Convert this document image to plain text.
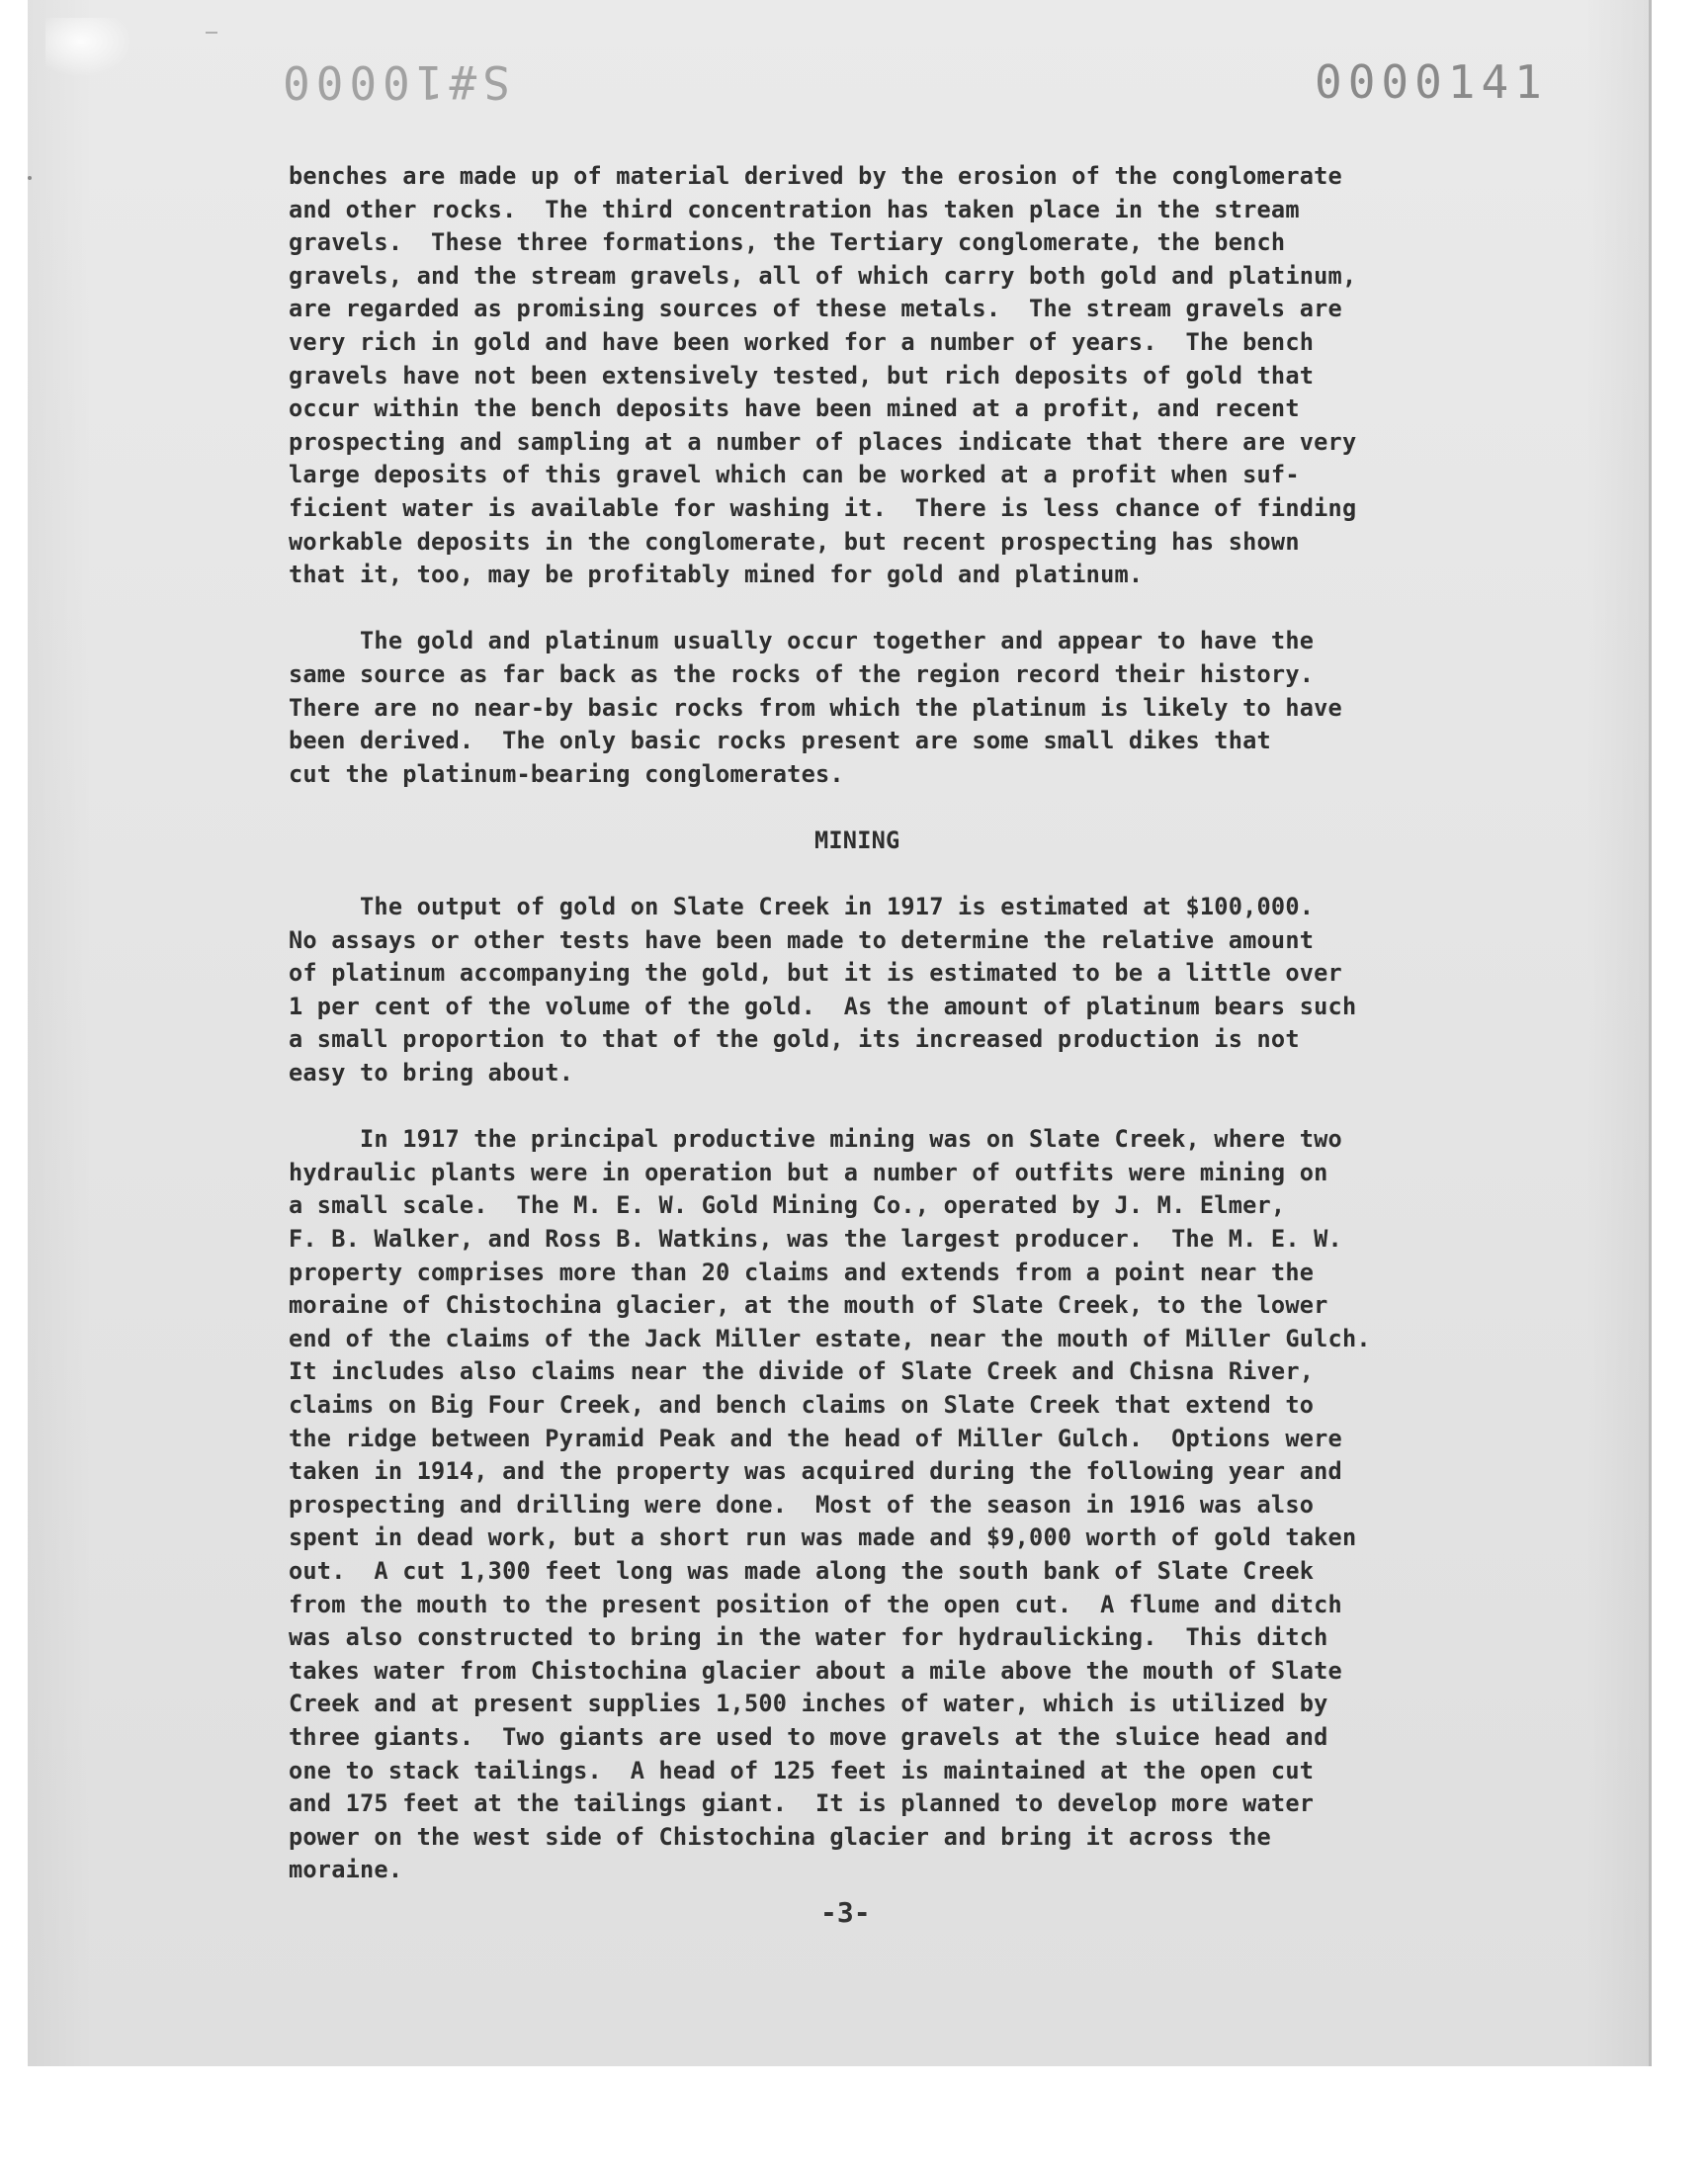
S#10000	0000141
benches are made up of material derived by the erosion of the conglomerate
and other rocks.  The third concentration has taken place in the stream
gravels.  These three formations, the Tertiary conglomerate, the bench
gravels, and the stream gravels, all of which carry both gold and platinum,
are regarded as promising sources of these metals.  The stream gravels are
very rich in gold and have been worked for a number of years.  The bench
gravels have not been extensively tested, but rich deposits of gold that
occur within the bench deposits have been mined at a profit, and recent
prospecting and sampling at a number of places indicate that there are very
large deposits of this gravel which can be worked at a profit when suf-
ficient water is available for washing it.  There is less chance of finding
workable deposits in the conglomerate, but recent prospecting has shown
that it, too, may be profitably mined for gold and platinum.
The gold and platinum usually occur together and appear to have the
same source as far back as the rocks of the region record their history.
There are no near-by basic rocks from which the platinum is likely to have
been derived.  The only basic rocks present are some small dikes that
cut the platinum-bearing conglomerates.
MINING
The output of gold on Slate Creek in 1917 is estimated at $100,000.
No assays or other tests have been made to determine the relative amount
of platinum accompanying the gold, but it is estimated to be a little over
1 per cent of the volume of the gold.  As the amount of platinum bears such
a small proportion to that of the gold, its increased production is not
easy to bring about.
In 1917 the principal productive mining was on Slate Creek, where two
hydraulic plants were in operation but a number of outfits were mining on
a small scale.  The M. E. W. Gold Mining Co., operated by J. M. Elmer,
F. B. Walker, and Ross B. Watkins, was the largest producer.  The M. E. W.
property comprises more than 20 claims and extends from a point near the
moraine of Chistochina glacier, at the mouth of Slate Creek, to the lower
end of the claims of the Jack Miller estate, near the mouth of Miller Gulch.
It includes also claims near the divide of Slate Creek and Chisna River,
claims on Big Four Creek, and bench claims on Slate Creek that extend to
the ridge between Pyramid Peak and the head of Miller Gulch.  Options were
taken in 1914, and the property was acquired during the following year and
prospecting and drilling were done.  Most of the season in 1916 was also
spent in dead work, but a short run was made and $9,000 worth of gold taken
out.  A cut 1,300 feet long was made along the south bank of Slate Creek
from the mouth to the present position of the open cut.  A flume and ditch
was also constructed to bring in the water for hydraulicking.  This ditch
takes water from Chistochina glacier about a mile above the mouth of Slate
Creek and at present supplies 1,500 inches of water, which is utilized by
three giants.  Two giants are used to move gravels at the sluice head and
one to stack tailings.  A head of 125 feet is maintained at the open cut
and 175 feet at the tailings giant.  It is planned to develop more water
power on the west side of Chistochina glacier and bring it across the
moraine.
-3-
